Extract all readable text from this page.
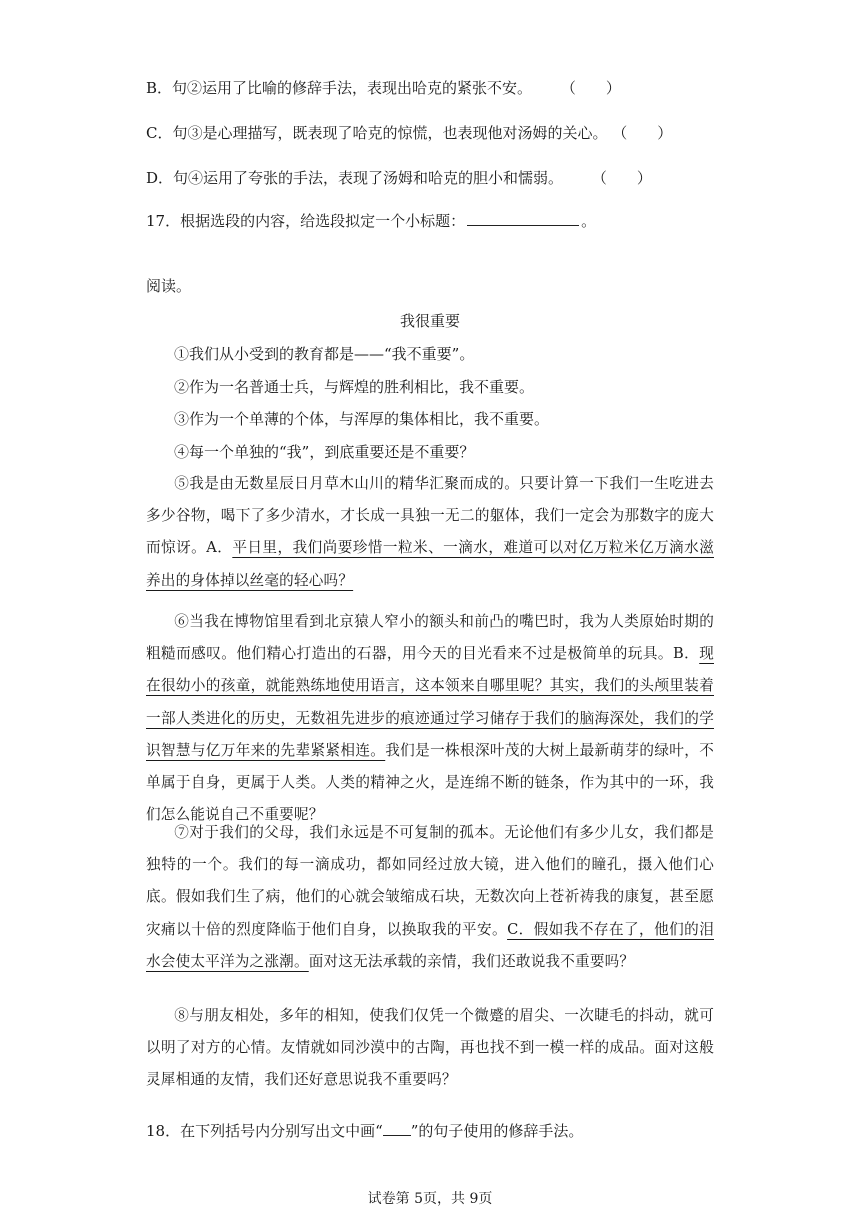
B．句②运用了比喻的修辞手法，表现出哈克的紧张不安。 （　　）
C．句③是心理描写，既表现了哈克的惊慌，也表现他对汤姆的关心。 （　　）
D．句④运用了夸张的手法，表现了汤姆和哈克的胆小和懦弱。 （　　）
17．根据选段的内容，给选段拟定一个小标题：	。
阅读。
我很重要
①我们从小受到的教育都是——“我不重要”。
②作为一名普通士兵，与辉煌的胜利相比，我不重要。
③作为一个单薄的个体，与浑厚的集体相比，我不重要。
④每一个单独的“我”，到底重要还是不重要？
⑤我是由无数星辰日月草木山川的精华汇聚而成的。只要计算一下我们一生吃进去多少谷物，喝下了多少清水，才长成一具独一无二的躯体，我们一定会为那数字的庞大而惊讶。A．平日里，我们尚要珍惜一粒米、一滴水，难道可以对亿万粒米亿万滴水滋养出的身体掉以丝毫的轻心吗？
⑥当我在博物馆里看到北京猿人窄小的额头和前凸的嘴巴时，我为人类原始时期的粗糙而感叹。他们精心打造出的石器，用今天的目光看来不过是极简单的玩具。B．现在很幼小的孩童，就能熟练地使用语言，这本领来自哪里呢？其实，我们的头颅里装着一部人类进化的历史，无数祖先进步的痕迹通过学习储存于我们的脑海深处，我们的学识智慧与亿万年来的先辈紧紧相连。我们是一株根深叶茂的大树上最新萌芽的绿叶，不单属于自身，更属于人类。人类的精神之火，是连绵不断的链条，作为其中的一环，我们怎么能说自己不重要呢？
⑦对于我们的父母，我们永远是不可复制的孤本。无论他们有多少儿女，我们都是独特的一个。我们的每一滴成功，都如同经过放大镜，进入他们的瞳孔，摄入他们心底。假如我们生了病，他们的心就会皱缩成石块，无数次向上苍祈祷我的康复，甚至愿灾痛以十倍的烈度降临于他们自身，以换取我的平安。C．假如我不存在了，他们的泪水会使太平洋为之涨潮。面对这无法承载的亲情，我们还敢说我不重要吗？
⑧与朋友相处，多年的相知，使我们仅凭一个微蹙的眉尖、一次睫毛的抖动，就可以明了对方的心情。友情就如同沙漠中的古陶，再也找不到一模一样的成品。面对这般灵犀相通的友情，我们还好意思说我不重要吗？
18．在下列括号内分别写出文中画“ ”的句子使用的修辞手法。
试卷第 5页，共 9页
